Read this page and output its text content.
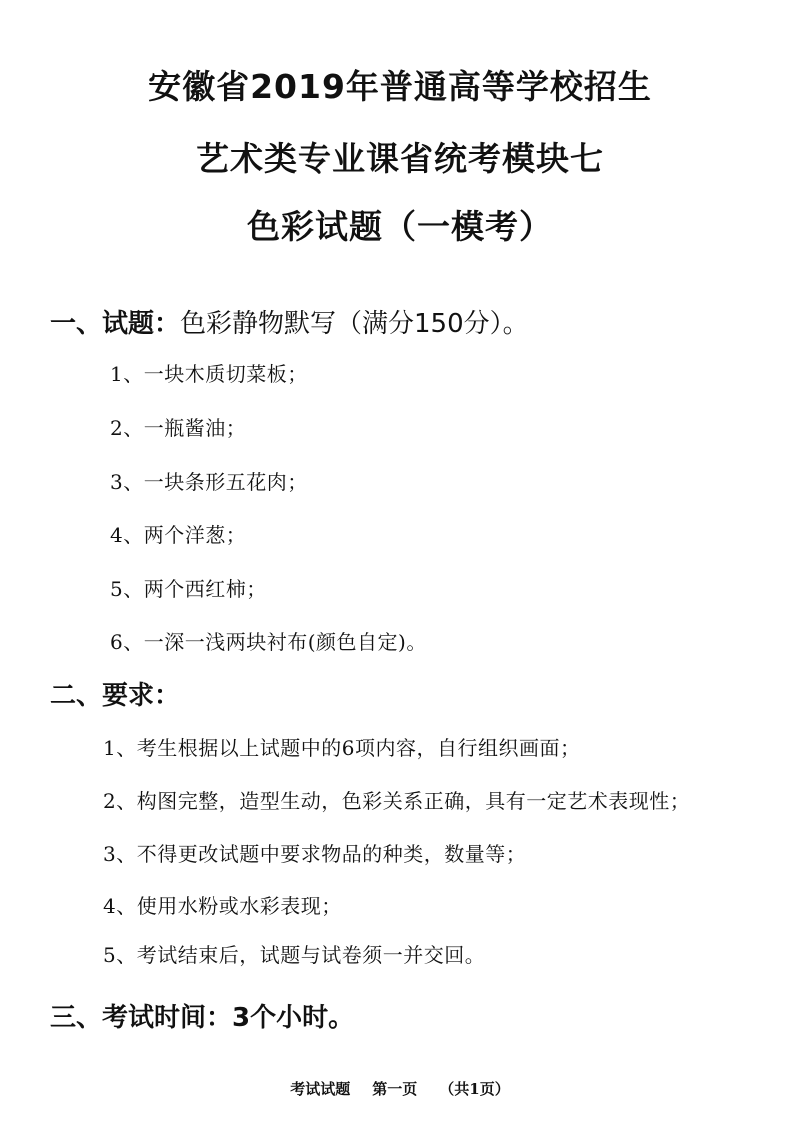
安徽省2019年普通高等学校招生
艺术类专业课省统考模块七
色彩试题（一模考）
一、试题：色彩静物默写（满分150分）。
1、一块木质切菜板；
2、一瓶酱油；
3、一块条形五花肉；
4、两个洋葱；
5、两个西红柿；
6、一深一浅两块衬布(颜色自定)。
二、要求：
1、考生根据以上试题中的6项内容，自行组织画面；
2、构图完整，造型生动，色彩关系正确，具有一定艺术表现性；
3、不得更改试题中要求物品的种类，数量等；
4、使用水粉或水彩表现；
5、考试结束后，试题与试卷须一并交回。
三、考试时间：3个小时。
考试试题 第一页 （共1页）
